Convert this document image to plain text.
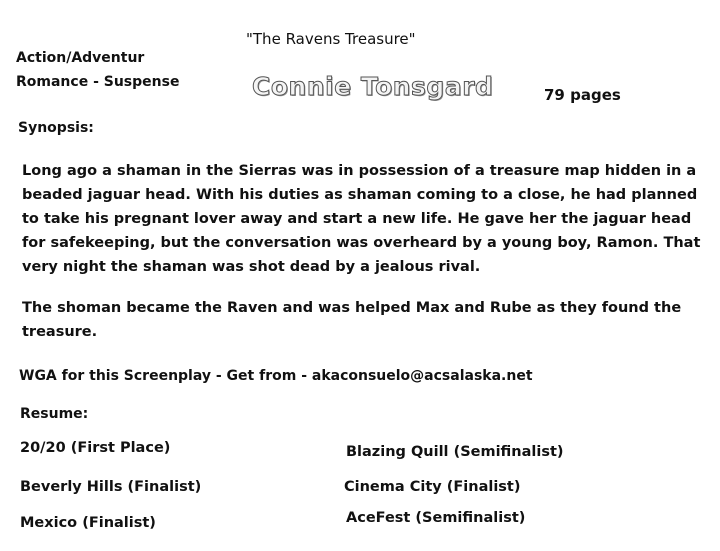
"The Ravens Treasure"
Action/Adventur
Romance - Suspense	Connie Tonsgard	79 pages
Synopsis:
Long ago a shaman in the Sierras was in possession of a treasure map hidden in a beaded jaguar head. With his duties as shaman coming to a close, he had planned to take his pregnant lover away and start a new life. He gave her the jaguar head for safekeeping, but the conversation was overheard by a young boy, Ramon. That very night the shaman was shot dead by a jealous rival.
The shoman became the Raven and was helped Max and Rube as they found the treasure.
WGA for this Screenplay - Get from - akaconsuelo@acsalaska.net
Resume:
20/20 (First Place)
Beverly Hills (Finalist)
Mexico (Finalist)
Blazing Quill (Semifinalist)
Cinema City (Finalist)
AceFest (Semifinalist)
